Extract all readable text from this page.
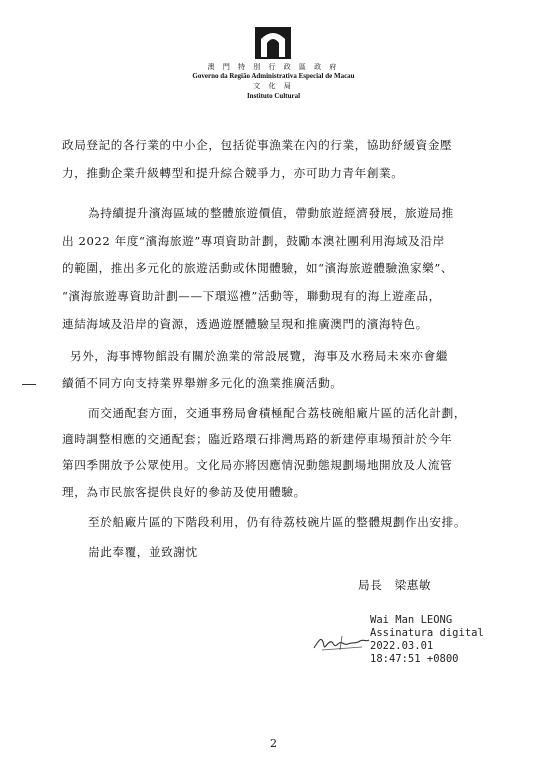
澳 門 特 別 行 政 區 政 府
Governo da Região Administrativa Especial de Macau
文 化 局
Instituto Cultural
政局登記的各行業的中小企，包括從事漁業在內的行業，協助紓緩資金壓
力，推動企業升級轉型和提升綜合競爭力，亦可助力青年創業。
為持續提升濱海區域的整體旅遊價值，帶動旅遊經濟發展，旅遊局推
出 2022 年度“濱海旅遊”專項資助計劃，鼓勵本澳社團利用海域及沿岸
的範圍，推出多元化的旅遊活動或休閒體驗，如“濱海旅遊體驗漁家樂”、
“濱海旅遊專資助計劃——下環巡禮”活動等，聯動現有的海上遊產品，
連結海域及沿岸的資源，透過遊歷體驗呈現和推廣澳門的濱海特色。
另外，海事博物館設有關於漁業的常設展覽，海事及水務局未來亦會繼
續循不同方向支持業界舉辦多元化的漁業推廣活動。
而交通配套方面，交通事務局會積極配合荔枝碗船廠片區的活化計劃，
適時調整相應的交通配套；臨近路環石排灣馬路的新建停車場預計於今年
第四季開放予公眾使用。文化局亦將因應情況動態規劃場地開放及人流管
理，為市民旅客提供良好的參訪及使用體驗。
至於船廠片區的下階段利用，仍有待荔枝碗片區的整體規劃作出安排。
耑此奉覆，並致謝忱
局長　梁惠敏
Wai Man LEONG
Assinatura digital
2022.03.01
18:47:51 +0800
2
